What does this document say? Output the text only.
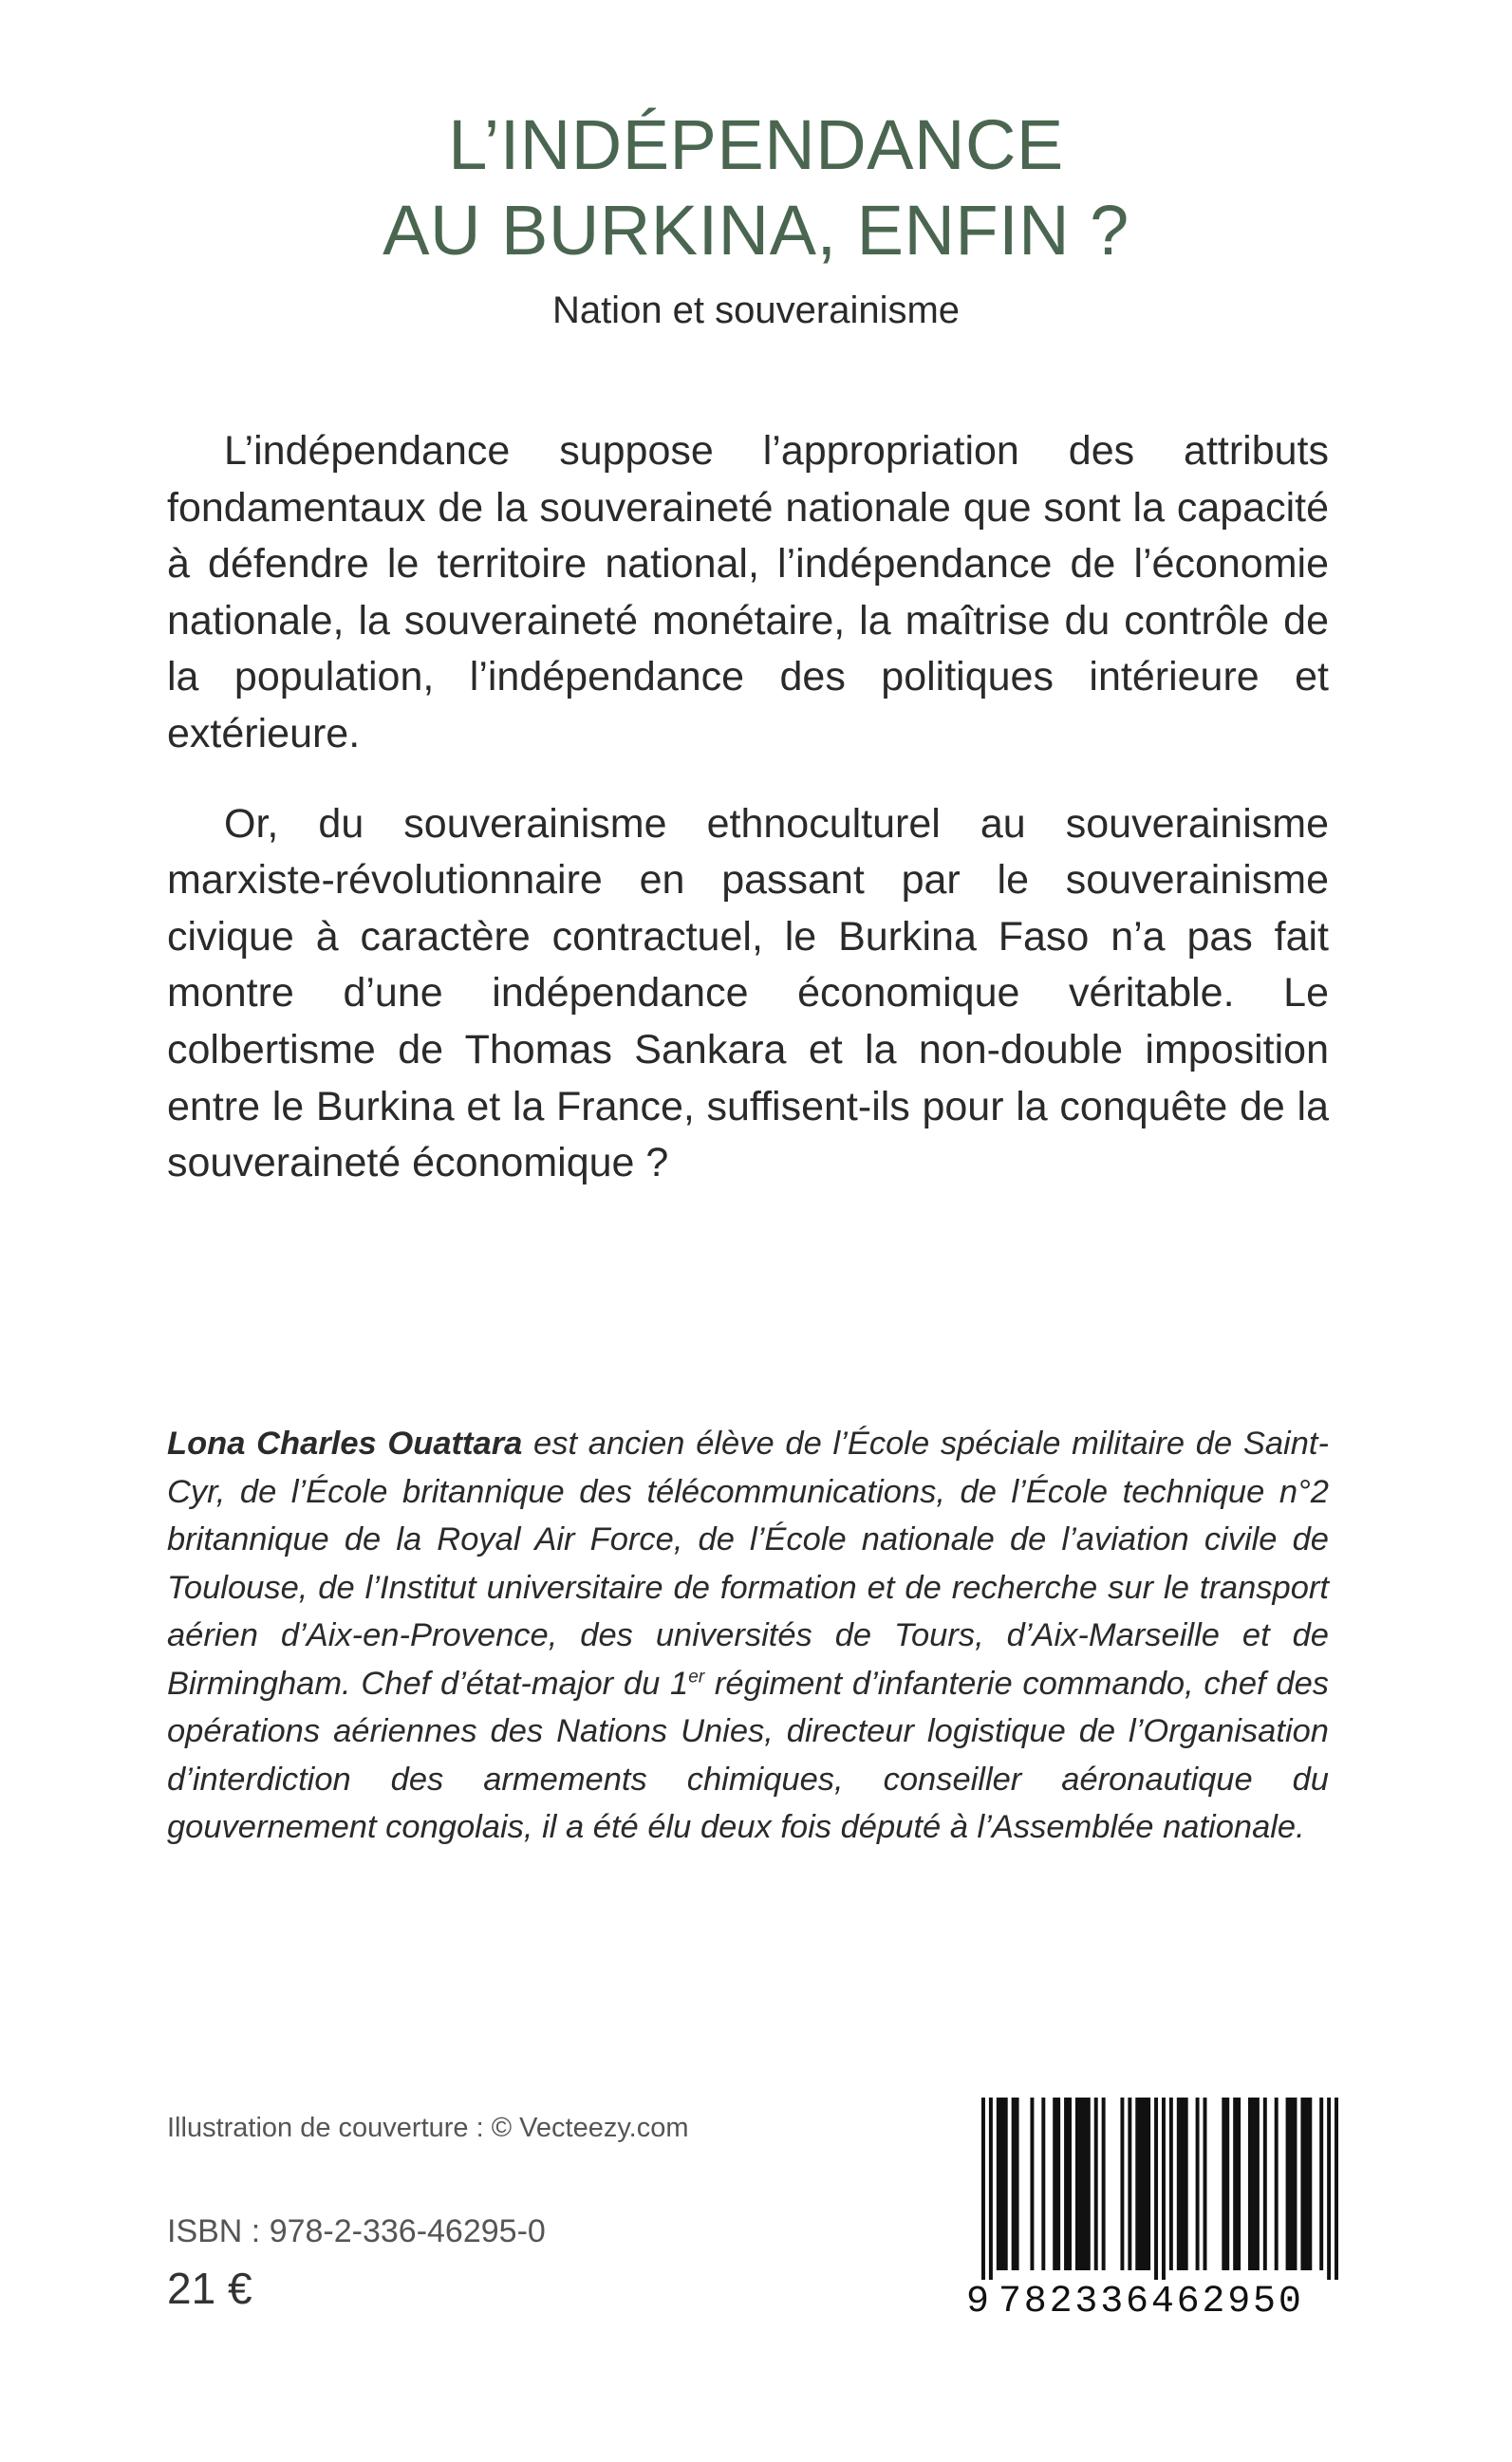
L’INDÉPENDANCE
AU BURKINA, ENFIN ?
Nation et souverainisme

L’indépendance suppose l’appropriation des attributs fondamentaux de la souveraineté nationale que sont la capacité à défendre le territoire national, l’indépendance de l’économie nationale, la souveraineté monétaire, la maîtrise du contrôle de la population, l’indépendance des politiques intérieure et extérieure.

Or, du souverainisme ethnoculturel au souverainisme marxiste-révolutionnaire en passant par le souverainisme civique à caractère contractuel, le Burkina Faso n’a pas fait montre d’une indépendance économique véritable. Le colbertisme de Thomas Sankara et la non-double imposition entre le Burkina et la France, suffisent-ils pour la conquête de la souveraineté économique ?

Lona Charles Ouattara est ancien élève de l’École spéciale militaire de Saint-Cyr, de l’École britannique des télécommunications, de l’École technique n°2 britannique de la Royal Air Force, de l’École nationale de l’aviation civile de Toulouse, de l’Institut universitaire de formation et de recherche sur le transport aérien d’Aix-en-Provence, des universités de Tours, d’Aix-Marseille et de Birmingham. Chef d’état-major du 1er régiment d’infanterie commando, chef des opérations aériennes des Nations Unies, directeur logistique de l’Organisation d’interdiction des armements chimiques, conseiller aéronautique du gouvernement congolais, il a été élu deux fois député à l’Assemblée nationale.

Illustration de couverture : © Vecteezy.com
ISBN : 978-2-336-46295-0
21 €

	9

782336462950
